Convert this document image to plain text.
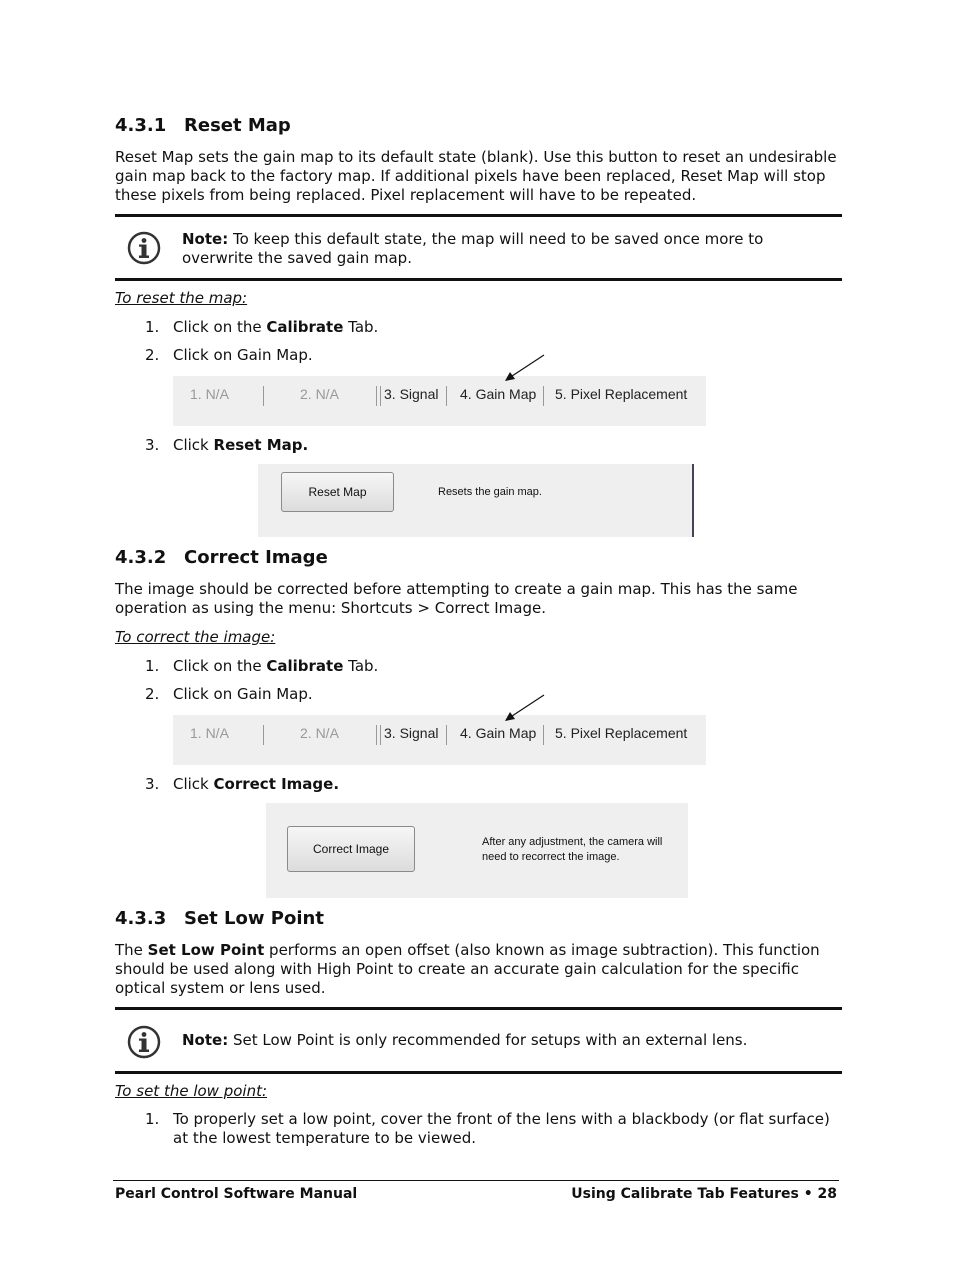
4.3.1 Reset Map

Reset Map sets the gain map to its default state (blank). Use this button to reset an undesirable gain map back to the factory map. If additional pixels have been replaced, Reset Map will stop these pixels from being replaced. Pixel replacement will have to be repeated.

Note: To keep this default state, the map will need to be saved once more to overwrite the saved gain map.

To reset the map:

1. Click on the Calibrate Tab.
2. Click on Gain Map.
1. N/A	2. N/A	3. Signal 4. Gain Map 5. Pixel Replacement
3. Click Reset Map.
Reset Map	Resets the gain map.
4.3.2 Correct Image

The image should be corrected before attempting to create a gain map. This has the same operation as using the menu: Shortcuts > Correct Image.

To correct the image:

1. Click on the Calibrate Tab.
2. Click on Gain Map.
1. N/A	2. N/A	3. Signal 4. Gain Map 5. Pixel Replacement
3. Click Correct Image.
Correct Image	After any adjustment, the camera will need to recorrect the image.
4.3.3 Set Low Point

The Set Low Point performs an open offset (also known as image subtraction). This function should be used along with High Point to create an accurate gain calculation for the specific optical system or lens used.

Note: Set Low Point is only recommended for setups with an external lens.

To set the low point:

1. To properly set a low point, cover the front of the lens with a blackbody (or flat surface) at the lowest temperature to be viewed.
Pearl Control Software Manual	Using Calibrate Tab Features • 28
